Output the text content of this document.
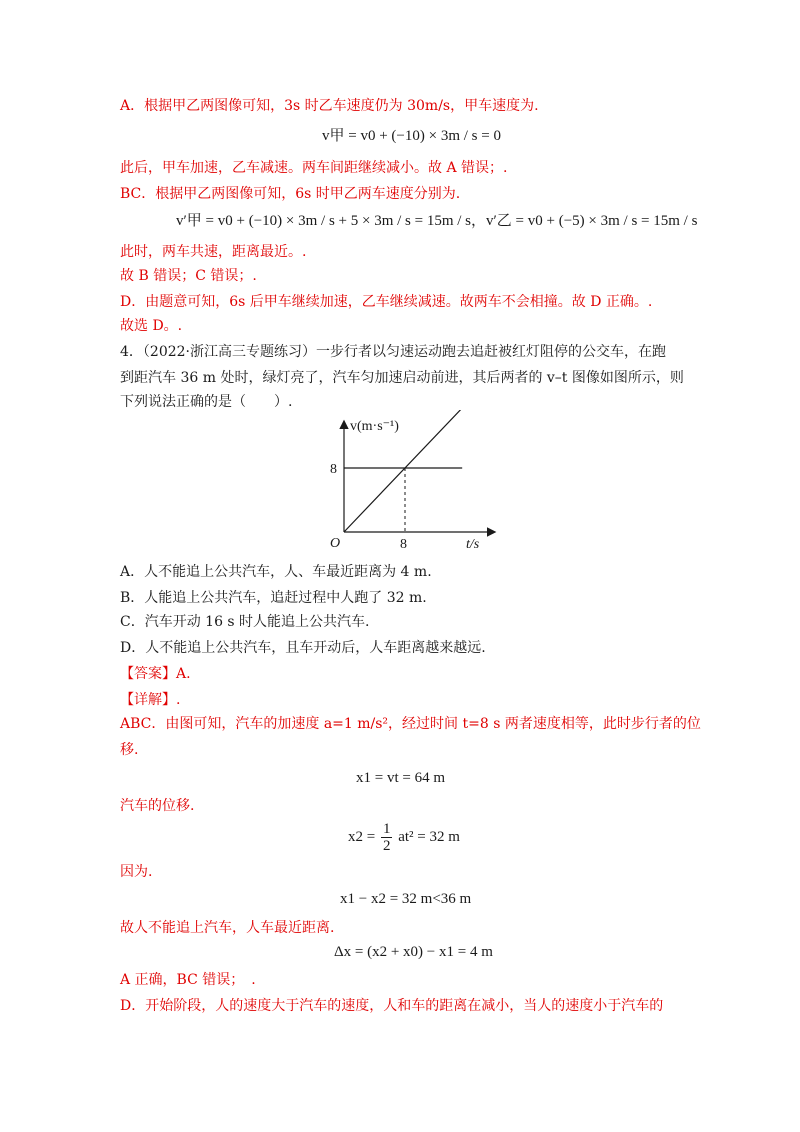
A．根据甲乙两图像可知，3s 时乙车速度仍为 30m/s，甲车速度为.
v甲 = v0 + (−10) × 3m / s = 0
此后，甲车加速，乙车减速。两车间距继续减小。故 A 错误；.
BC．根据甲乙两图像可知，6s 时甲乙两车速度分别为.
v′甲 = v0 + (−10) × 3m / s + 5 × 3m / s = 15m / s，v′乙 = v0 + (−5) × 3m / s = 15m / s
此时，两车共速，距离最近。.
故 B 错误；C 错误；.
D．由题意可知，6s 后甲车继续加速，乙车继续减速。故两车不会相撞。故 D 正确。.
故选 D。.
4．（2022·浙江高三专题练习）一步行者以匀速运动跑去追赶被红灯阻停的公交车，在跑
到距汽车 36 m 处时，绿灯亮了，汽车匀加速启动前进，其后两者的 v–t 图像如图所示，则
下列说法正确的是（　　）.
8
8
O
v(m·s⁻¹)
t/s
A．人不能追上公共汽车，人、车最近距离为 4 m.
B．人能追上公共汽车，追赶过程中人跑了 32 m.
C．汽车开动 16 s 时人能追上公共汽车.
D．人不能追上公共汽车，且车开动后，人车距离越来越远.
【答案】A.
【详解】.
ABC．由图可知，汽车的加速度 a=1 m/s²，经过时间 t=8 s 两者速度相等，此时步行者的位
移.
x1 = vt = 64 m
汽车的位移.
$x2 = \frac{1}{2} at^2 = 32$ m
因为.
x1 − x2 = 32 m<36 m
故人不能追上汽车，人车最近距离.
Δx = (x2 + x0) − x1 = 4 m
A 正确，BC 错误；　.
D．开始阶段，人的速度大于汽车的速度，人和车的距离在减小，当人的速度小于汽车的
